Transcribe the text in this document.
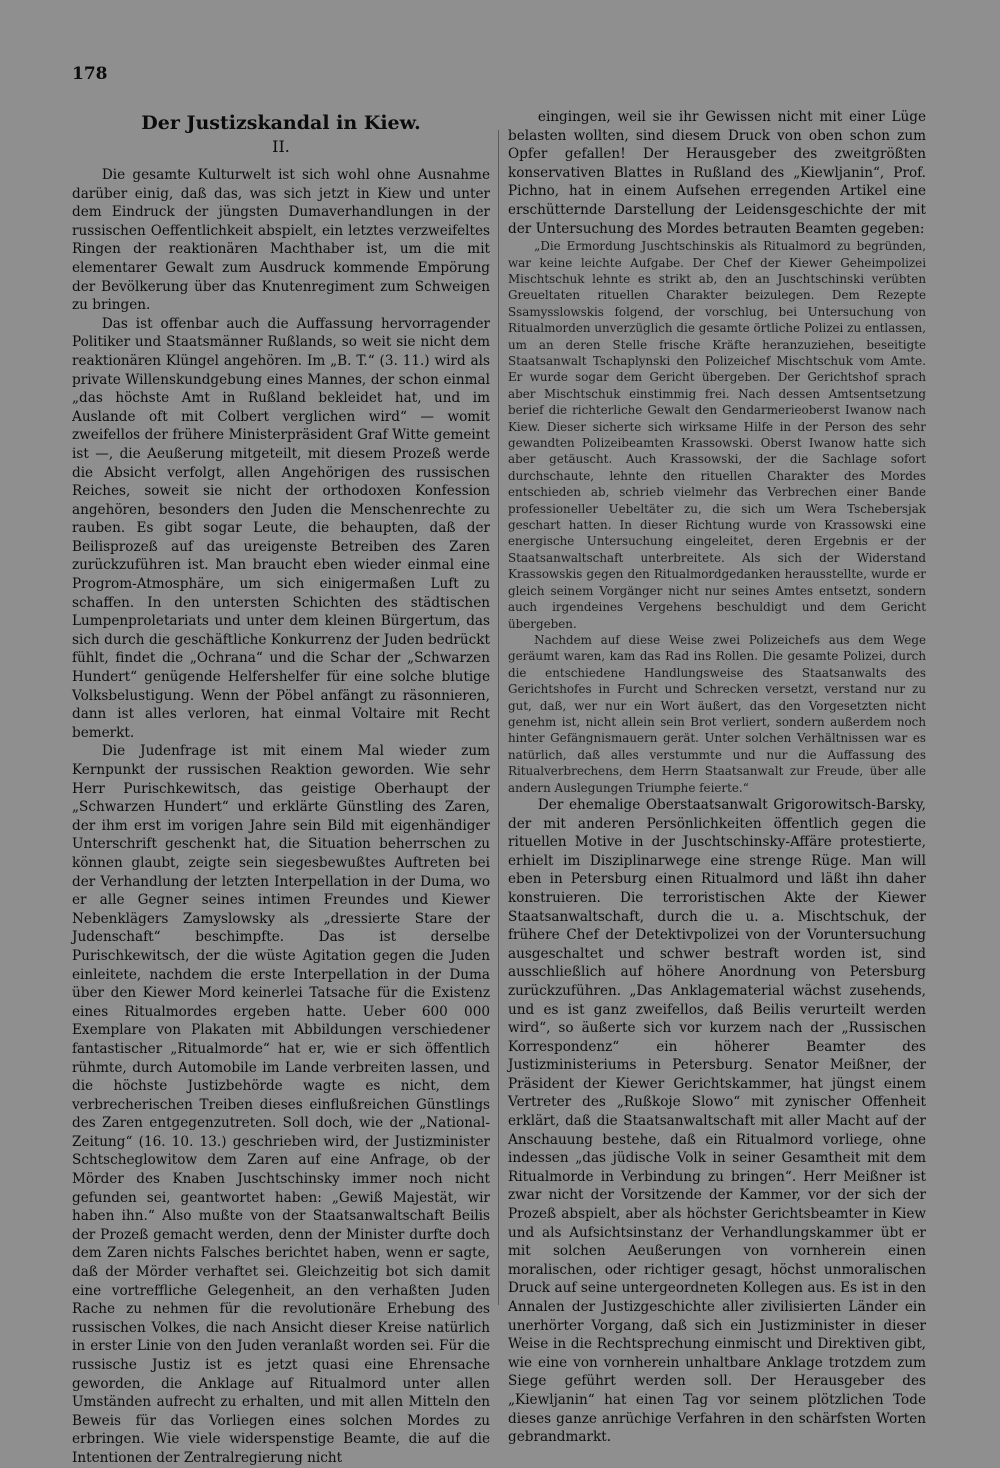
178
Der Justizskandal in Kiew.
II.

Die gesamte Kulturwelt ist sich wohl ohne Ausnahme darüber einig, daß das, was sich jetzt in Kiew und unter dem Eindruck der jüngsten Dumaverhandlungen in der russischen Oeffentlichkeit abspielt, ein letztes verzweifeltes Ringen der reaktionären Machthaber ist, um die mit elementarer Gewalt zum Ausdruck kommende Empörung der Bevölkerung über das Knutenregiment zum Schweigen zu bringen.

Das ist offenbar auch die Auffassung hervorragender Politiker und Staatsmänner Rußlands, so weit sie nicht dem reaktionären Klüngel angehören. Im „B. T.“ (3. 11.) wird als private Willenskundgebung eines Mannes, der schon einmal „das höchste Amt in Rußland bekleidet hat, und im Auslande oft mit Colbert verglichen wird“ — womit zweifellos der frühere Ministerpräsident Graf Witte gemeint ist —, die Aeußerung mitgeteilt, mit diesem Prozeß werde die Absicht verfolgt, allen Angehörigen des russischen Reiches, soweit sie nicht der orthodoxen Konfession angehören, besonders den Juden die Menschenrechte zu rauben. Es gibt sogar Leute, die behaupten, daß der Beilisprozeß auf das ureigenste Betreiben des Zaren zurückzuführen ist. Man braucht eben wieder einmal eine Progrom-Atmosphäre, um sich einigermaßen Luft zu schaffen. In den untersten Schichten des städtischen Lumpenproletariats und unter dem kleinen Bürgertum, das sich durch die geschäftliche Konkurrenz der Juden bedrückt fühlt, findet die „Ochrana“ und die Schar der „Schwarzen Hundert“ genügende Helfershelfer für eine solche blutige Volksbelustigung. Wenn der Pöbel anfängt zu räsonnieren, dann ist alles verloren, hat einmal Voltaire mit Recht bemerkt.

Die Judenfrage ist mit einem Mal wieder zum Kernpunkt der russischen Reaktion geworden. Wie sehr Herr Purischkewitsch, das geistige Oberhaupt der „Schwarzen Hundert“ und erklärte Günstling des Zaren, der ihm erst im vorigen Jahre sein Bild mit eigenhändiger Unterschrift geschenkt hat, die Situation beherrschen zu können glaubt, zeigte sein siegesbewußtes Auftreten bei der Verhandlung der letzten Interpellation in der Duma, wo er alle Gegner seines intimen Freundes und Kiewer Nebenklägers Zamyslowsky als „dressierte Stare der Judenschaft“ beschimpfte. Das ist derselbe Purischkewitsch, der die wüste Agitation gegen die Juden einleitete, nachdem die erste Interpellation in der Duma über den Kiewer Mord keinerlei Tatsache für die Existenz eines Ritualmordes ergeben hatte. Ueber 600 000 Exemplare von Plakaten mit Abbildungen verschiedener fantastischer „Ritualmorde“ hat er, wie er sich öffentlich rühmte, durch Automobile im Lande verbreiten lassen, und die höchste Justizbehörde wagte es nicht, dem verbrecherischen Treiben dieses einflußreichen Günstlings des Zaren entgegenzutreten. Soll doch, wie der „National-Zeitung“ (16. 10. 13.) geschrieben wird, der Justizminister Schtscheglowitow dem Zaren auf eine Anfrage, ob der Mörder des Knaben Juschtschinsky immer noch nicht gefunden sei, geantwortet haben: „Gewiß Majestät, wir haben ihn.“ Also mußte von der Staatsanwaltschaft Beilis der Prozeß gemacht werden, denn der Minister durfte doch dem Zaren nichts Falsches berichtet haben, wenn er sagte, daß der Mörder verhaftet sei. Gleichzeitig bot sich damit eine vortreffliche Gelegenheit, an den verhaßten Juden Rache zu nehmen für die revolutionäre Erhebung des russischen Volkes, die nach Ansicht dieser Kreise natürlich in erster Linie von den Juden veranlaßt worden sei. Für die russische Justiz ist es jetzt quasi eine Ehrensache geworden, die Anklage auf Ritualmord unter allen Umständen aufrecht zu erhalten, und mit allen Mitteln den Beweis für das Vorliegen eines solchen Mordes zu erbringen. Wie viele widerspenstige Beamte, die auf die Intentionen der Zentralregierung nicht

eingingen, weil sie ihr Gewissen nicht mit einer Lüge belasten wollten, sind diesem Druck von oben schon zum Opfer gefallen! Der Herausgeber des zweitgrößten konservativen Blattes in Rußland des „Kiewljanin“, Prof. Pichno, hat in einem Aufsehen erregenden Artikel eine erschütternde Darstellung der Leidensgeschichte der mit der Untersuchung des Mordes betrauten Beamten gegeben:

„Die Ermordung Juschtschinskis als Ritualmord zu begründen, war keine leichte Aufgabe. Der Chef der Kiewer Geheimpolizei Mischtschuk lehnte es strikt ab, den an Juschtschinski verübten Greueltaten rituellen Charakter beizulegen. Dem Rezepte Ssamysslowskis folgend, der vorschlug, bei Untersuchung von Ritualmorden unverzüglich die gesamte örtliche Polizei zu entlassen, um an deren Stelle frische Kräfte heranzuziehen, beseitigte Staatsanwalt Tschaplynski den Polizeichef Mischtschuk vom Amte. Er wurde sogar dem Gericht übergeben. Der Gerichtshof sprach aber Mischtschuk einstimmig frei. Nach dessen Amtsentsetzung berief die richterliche Gewalt den Gendarmerieoberst Iwanow nach Kiew. Dieser sicherte sich wirksame Hilfe in der Person des sehr gewandten Polizeibeamten Krassowski. Oberst Iwanow hatte sich aber getäuscht. Auch Krassowski, der die Sachlage sofort durchschaute, lehnte den rituellen Charakter des Mordes entschieden ab, schrieb vielmehr das Verbrechen einer Bande professioneller Uebeltäter zu, die sich um Wera Tschebersjak geschart hatten. In dieser Richtung wurde von Krassowski eine energische Untersuchung eingeleitet, deren Ergebnis er der Staatsanwaltschaft unterbreitete. Als sich der Widerstand Krassowskis gegen den Ritualmordgedanken herausstellte, wurde er gleich seinem Vorgänger nicht nur seines Amtes entsetzt, sondern auch irgendeines Vergehens beschuldigt und dem Gericht übergeben.

Nachdem auf diese Weise zwei Polizeichefs aus dem Wege geräumt waren, kam das Rad ins Rollen. Die gesamte Polizei, durch die entschiedene Handlungsweise des Staatsanwalts des Gerichtshofes in Furcht und Schrecken versetzt, verstand nur zu gut, daß, wer nur ein Wort äußert, das den Vorgesetzten nicht genehm ist, nicht allein sein Brot verliert, sondern außerdem noch hinter Gefängnismauern gerät. Unter solchen Verhältnissen war es natürlich, daß alles verstummte und nur die Auffassung des Ritualverbrechens, dem Herrn Staatsanwalt zur Freude, über alle andern Auslegungen Triumphe feierte.“

Der ehemalige Oberstaatsanwalt Grigorowitsch-Barsky, der mit anderen Persönlichkeiten öffentlich gegen die rituellen Motive in der Juschtschinsky-Affäre protestierte, erhielt im Disziplinarwege eine strenge Rüge. Man will eben in Petersburg einen Ritualmord und läßt ihn daher konstruieren. Die terroristischen Akte der Kiewer Staatsanwaltschaft, durch die u. a. Mischtschuk, der frühere Chef der Detektivpolizei von der Voruntersuchung ausgeschaltet und schwer bestraft worden ist, sind ausschließlich auf höhere Anordnung von Petersburg zurückzuführen. „Das Anklagematerial wächst zusehends, und es ist ganz zweifellos, daß Beilis verurteilt werden wird“, so äußerte sich vor kurzem nach der „Russischen Korrespondenz“ ein höherer Beamter des Justizministeriums in Petersburg. Senator Meißner, der Präsident der Kiewer Gerichtskammer, hat jüngst einem Vertreter des „Rußkoje Slowo“ mit zynischer Offenheit erklärt, daß die Staatsanwaltschaft mit aller Macht auf der Anschauung bestehe, daß ein Ritualmord vorliege, ohne indessen „das jüdische Volk in seiner Gesamtheit mit dem Ritualmorde in Verbindung zu bringen“. Herr Meißner ist zwar nicht der Vorsitzende der Kammer, vor der sich der Prozeß abspielt, aber als höchster Gerichtsbeamter in Kiew und als Aufsichtsinstanz der Verhandlungskammer übt er mit solchen Aeußerungen von vornherein einen moralischen, oder richtiger gesagt, höchst unmoralischen Druck auf seine untergeordneten Kollegen aus. Es ist in den Annalen der Justizgeschichte aller zivilisierten Länder ein unerhörter Vorgang, daß sich ein Justizminister in dieser Weise in die Rechtsprechung einmischt und Direktiven gibt, wie eine von vornherein unhaltbare Anklage trotzdem zum Siege geführt werden soll. Der Herausgeber des „Kiewljanin“ hat einen Tag vor seinem plötzlichen Tode dieses ganze anrüchige Verfahren in den schärfsten Worten gebrandmarkt.
